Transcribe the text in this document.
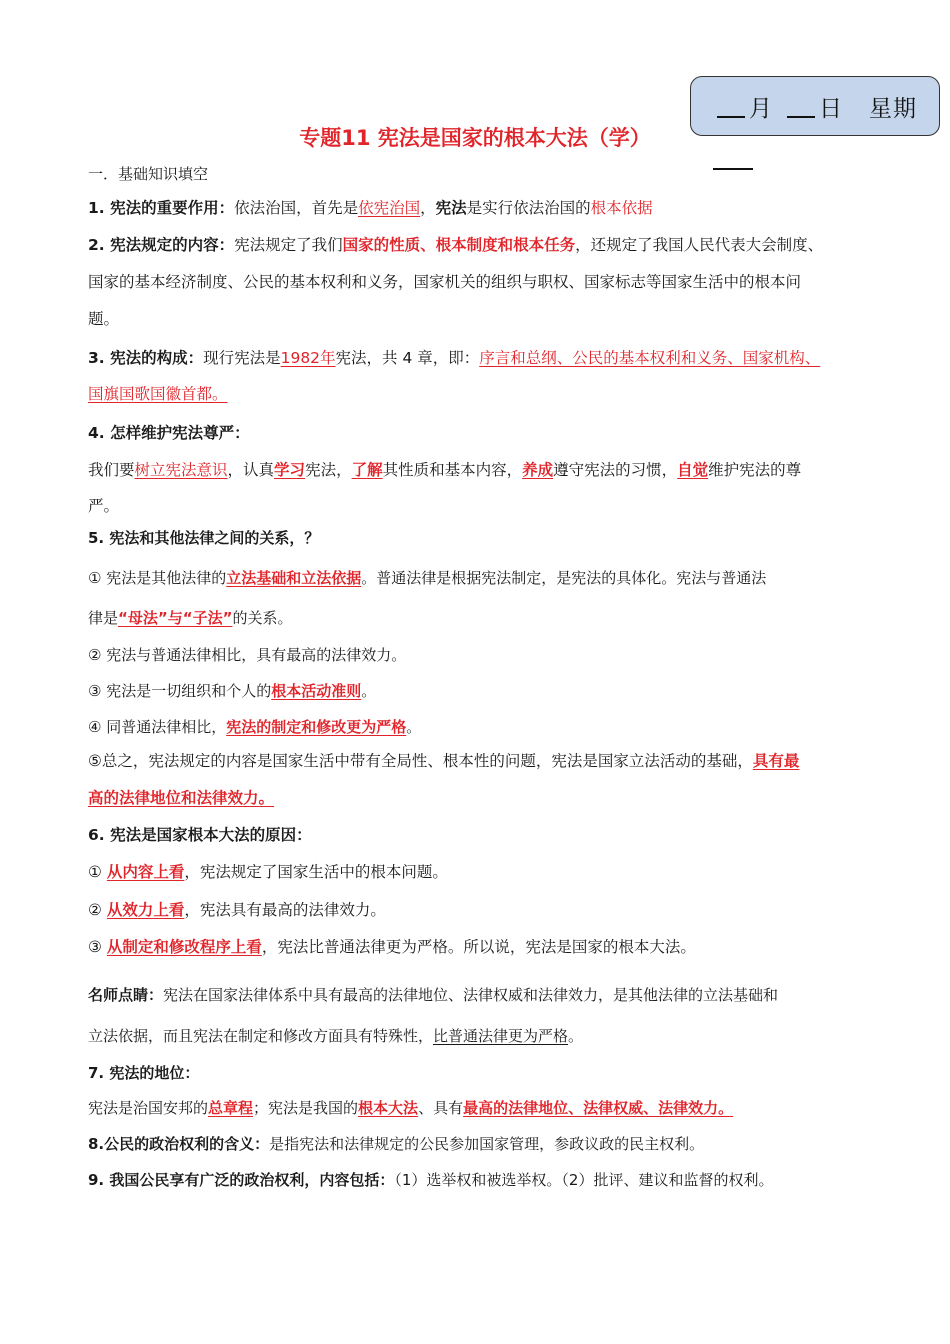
月 日 星期
专题11 宪法是国家的根本大法（学）
一．基础知识填空
1. 宪法的重要作用：依法治国，首先是依宪治国，宪法是实行依法治国的根本依据
2. 宪法规定的内容：宪法规定了我们国家的性质、根本制度和根本任务，还规定了我国人民代表大会制度、
国家的基本经济制度、公民的基本权利和义务，国家机关的组织与职权、国家标志等国家生活中的根本问
题。
3. 宪法的构成：现行宪法是1982年宪法，共 4 章，即：序言和总纲、公民的基本权利和义务、国家机构、
国旗国歌国徽首都。
4. 怎样维护宪法尊严：
我们要树立宪法意识，认真学习宪法，了解其性质和基本内容，养成遵守宪法的习惯，自觉维护宪法的尊
严。
5. 宪法和其他法律之间的关系，？
① 宪法是其他法律的立法基础和立法依据。普通法律是根据宪法制定，是宪法的具体化。宪法与普通法
律是“母法”与“子法”的关系。
② 宪法与普通法律相比，具有最高的法律效力。
③ 宪法是一切组织和个人的根本活动准则。
④ 同普通法律相比，宪法的制定和修改更为严格。
⑤总之，宪法规定的内容是国家生活中带有全局性、根本性的问题，宪法是国家立法活动的基础，具有最
高的法律地位和法律效力。
6. 宪法是国家根本大法的原因：
① 从内容上看，宪法规定了国家生活中的根本问题。
② 从效力上看，宪法具有最高的法律效力。
③ 从制定和修改程序上看，宪法比普通法律更为严格。所以说，宪法是国家的根本大法。
名师点睛：宪法在国家法律体系中具有最高的法律地位、法律权威和法律效力，是其他法律的立法基础和
立法依据，而且宪法在制定和修改方面具有特殊性，比普通法律更为严格。
7. 宪法的地位：
宪法是治国安邦的总章程；宪法是我国的根本大法、具有最高的法律地位、法律权威、法律效力。
8.公民的政治权利的含义：是指宪法和法律规定的公民参加国家管理，参政议政的民主权利。
9. 我国公民享有广泛的政治权利，内容包括：（1）选举权和被选举权。（2）批评、建议和监督的权利。
